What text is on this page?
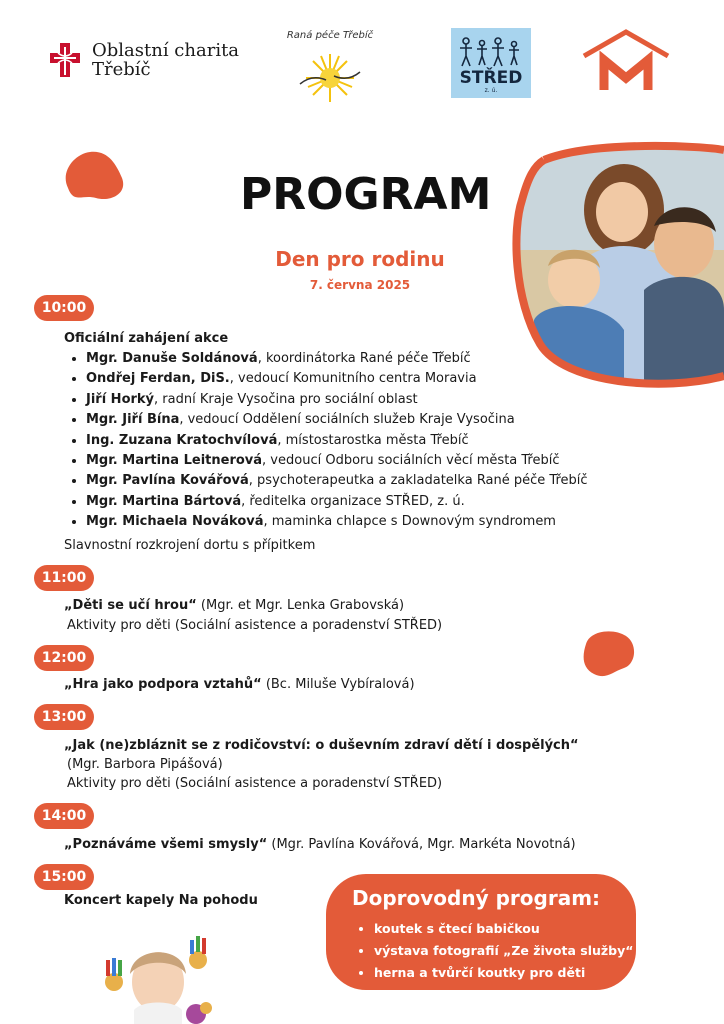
Oblastní charita
Třebíč
Raná péče Třebíč
STŘED
z. ú.
PROGRAM
Den pro rodinu
7. června 2025
10:00
Oficiální zahájení akce
• Mgr. Danuše Soldánová, koordinátorka Rané péče Třebíč
• Ondřej Ferdan, DiS., vedoucí Komunitního centra Moravia
• Jiří Horký, radní Kraje Vysočina pro sociální oblast
• Mgr. Jiří Bína, vedoucí Oddělení sociálních služeb Kraje Vysočina
• Ing. Zuzana Kratochvílová, místostarostka města Třebíč
• Mgr. Martina Leitnerová, vedoucí Odboru sociálních věcí města Třebíč
• Mgr. Pavlína Kovářová, psychoterapeutka a zakladatelka Rané péče Třebíč
• Mgr. Martina Bártová, ředitelka organizace STŘED, z. ú.
• Mgr. Michaela Nováková, maminka chlapce s Downovým syndromem
Slavnostní rozkrojení dortu s přípitkem
11:00
„Děti se učí hrou“ (Mgr. et Mgr. Lenka Grabovská)
Aktivity pro děti (Sociální asistence a poradenství STŘED)
12:00
„Hra jako podpora vztahů“ (Bc. Miluše Vybíralová)
13:00
„Jak (ne)zbláznit se z rodičovství: o duševním zdraví dětí i dospělých“
(Mgr. Barbora Pipášová)
Aktivity pro děti (Sociální asistence a poradenství STŘED)
14:00
„Poznáváme všemi smysly“ (Mgr. Pavlína Kovářová, Mgr. Markéta Novotná)
15:00
Koncert kapely Na pohodu	Doprovodný program:
• koutek s čtecí babičkou
• výstava fotografií „Ze života služby“
• herna a tvůrčí koutky pro děti
